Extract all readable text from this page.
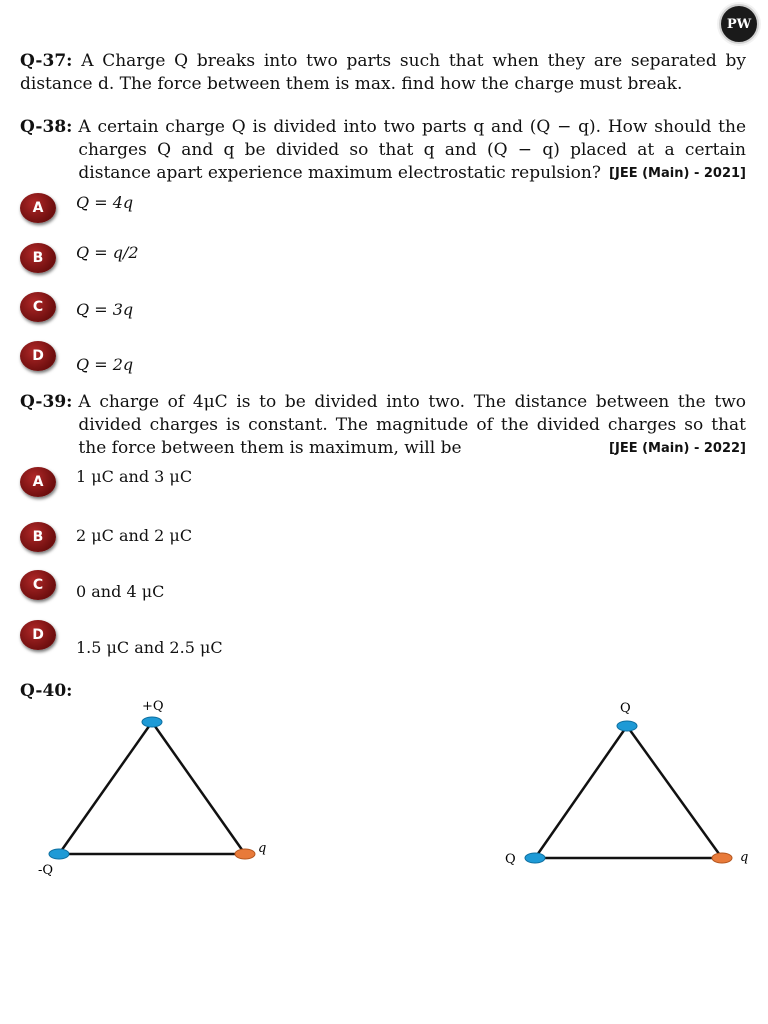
PW
Q-37: A Charge Q breaks into two parts such that when they are separated by distance d. The force between them is max. find how the charge must break.
Q-38: A certain charge Q is divided into two parts q and (Q − q). How should the charges Q and q be divided so that q and (Q − q) placed at a certain distance apart experience maximum electrostatic repulsion? [JEE (Main) - 2021]
A	Q = 4q
B	Q = q/2
C	Q = 3q
D	Q = 2q
Q-39: A charge of 4μC is to be divided into two. The distance between the two divided charges is constant. The magnitude of the divided charges so that the force between them is maximum, will be	[JEE (Main) - 2022]
A	1 μC and 3 μC
B	2 μC and 2 μC
C	0 and 4 μC
D
1.5 μC and 2.5 μC
Q-40:
+Q
-Q
q
Q
Q	q
